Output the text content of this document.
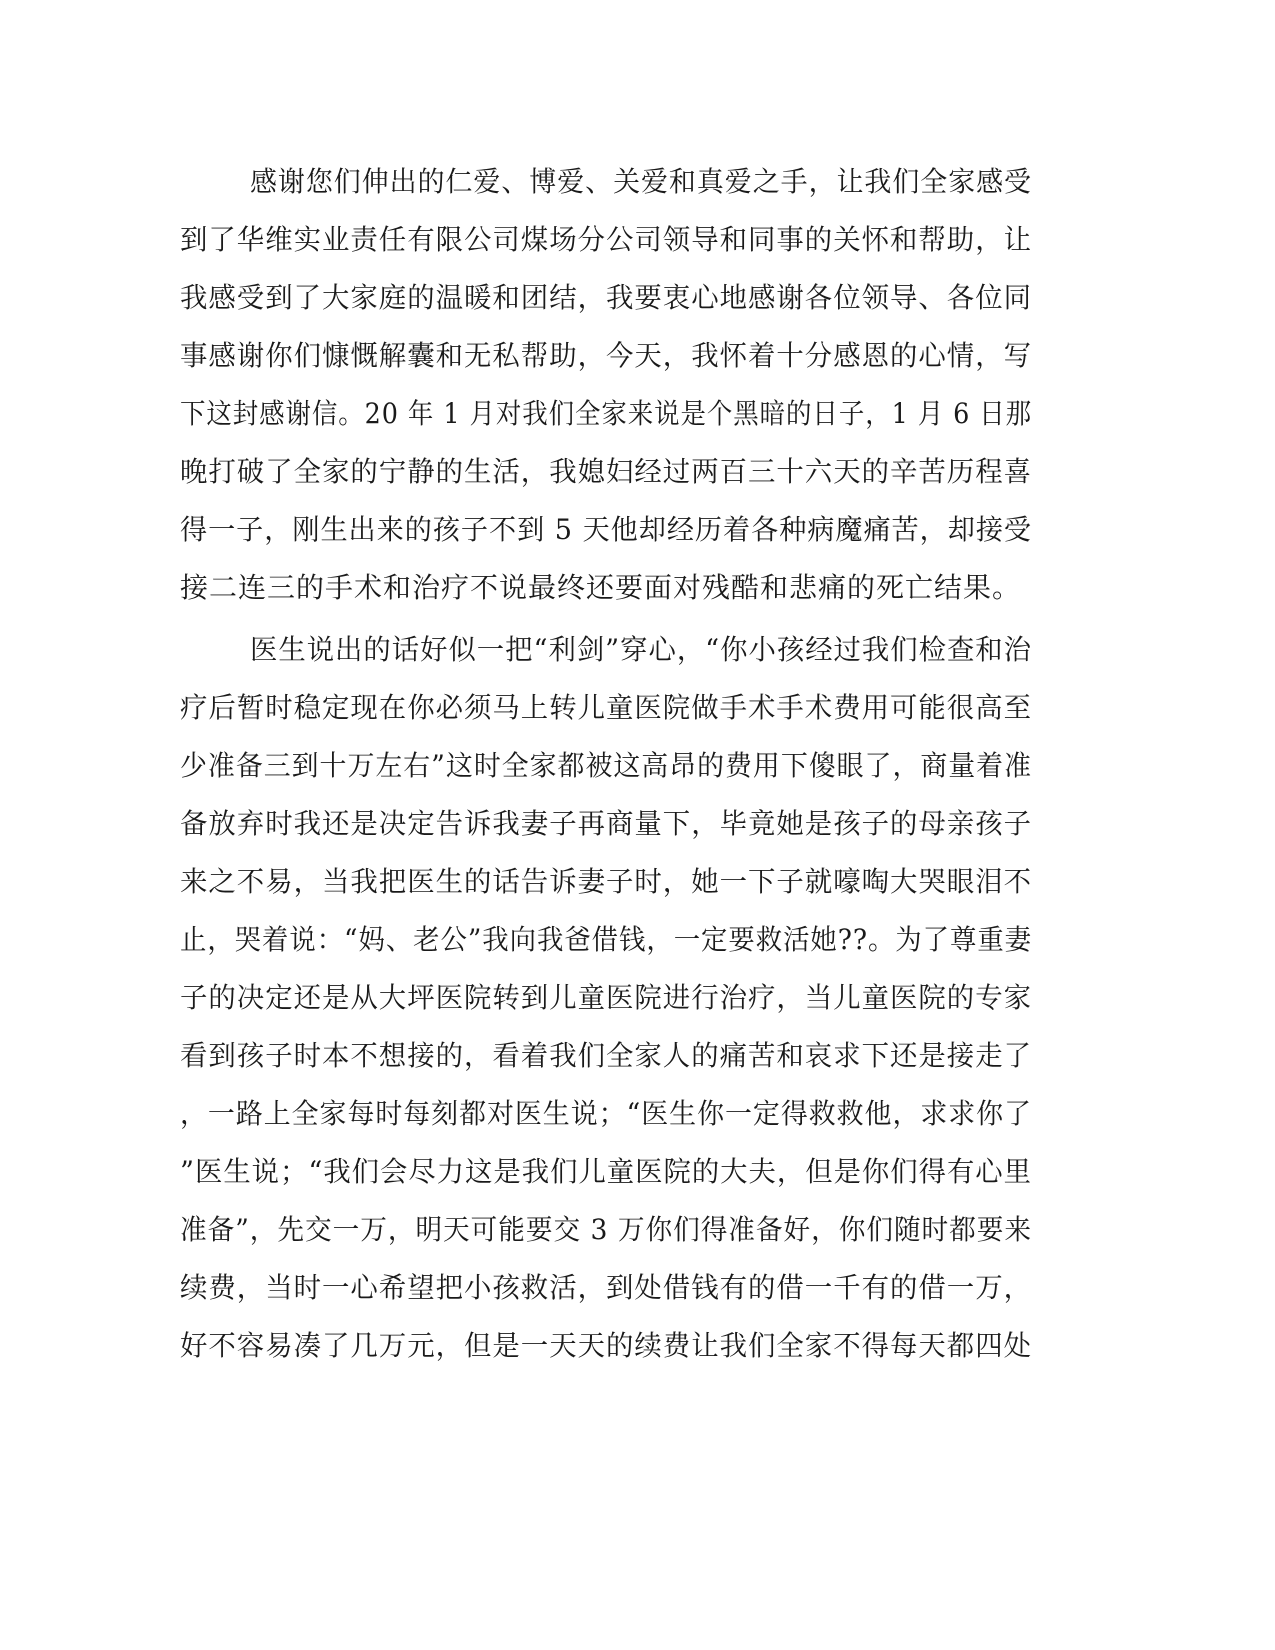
感谢您们伸出的仁爱、博爱、关爱和真爱之手，让我们全家感受
到了华维实业责任有限公司煤场分公司领导和同事的关怀和帮助，让
我感受到了大家庭的温暖和团结，我要衷心地感谢各位领导、各位同
事感谢你们慷慨解囊和无私帮助，今天，我怀着十分感恩的心情，写
下这封感谢信。20 年 1 月对我们全家来说是个黑暗的日子，1 月 6 日那
晚打破了全家的宁静的生活，我媳妇经过两百三十六天的辛苦历程喜
得一子，刚生出来的孩子不到 5 天他却经历着各种病魔痛苦，却接受
接二连三的手术和治疗不说最终还要面对残酷和悲痛的死亡结果。
医生说出的话好似一把“利剑”穿心，“你小孩经过我们检查和治
疗后暂时稳定现在你必须马上转儿童医院做手术手术费用可能很高至
少准备三到十万左右”这时全家都被这高昂的费用下傻眼了，商量着准
备放弃时我还是决定告诉我妻子再商量下，毕竟她是孩子的母亲孩子
来之不易，当我把医生的话告诉妻子时，她一下子就嚎啕大哭眼泪不
止，哭着说：“妈、老公”我向我爸借钱，一定要救活她??。为了尊重妻
子的决定还是从大坪医院转到儿童医院进行治疗，当儿童医院的专家
看到孩子时本不想接的，看着我们全家人的痛苦和哀求下还是接走了
，一路上全家每时每刻都对医生说；“医生你一定得救救他，求求你了
”医生说；“我们会尽力这是我们儿童医院的大夫，但是你们得有心里
准备”，先交一万，明天可能要交 3 万你们得准备好，你们随时都要来
续费，当时一心希望把小孩救活，到处借钱有的借一千有的借一万，
好不容易凑了几万元，但是一天天的续费让我们全家不得每天都四处
